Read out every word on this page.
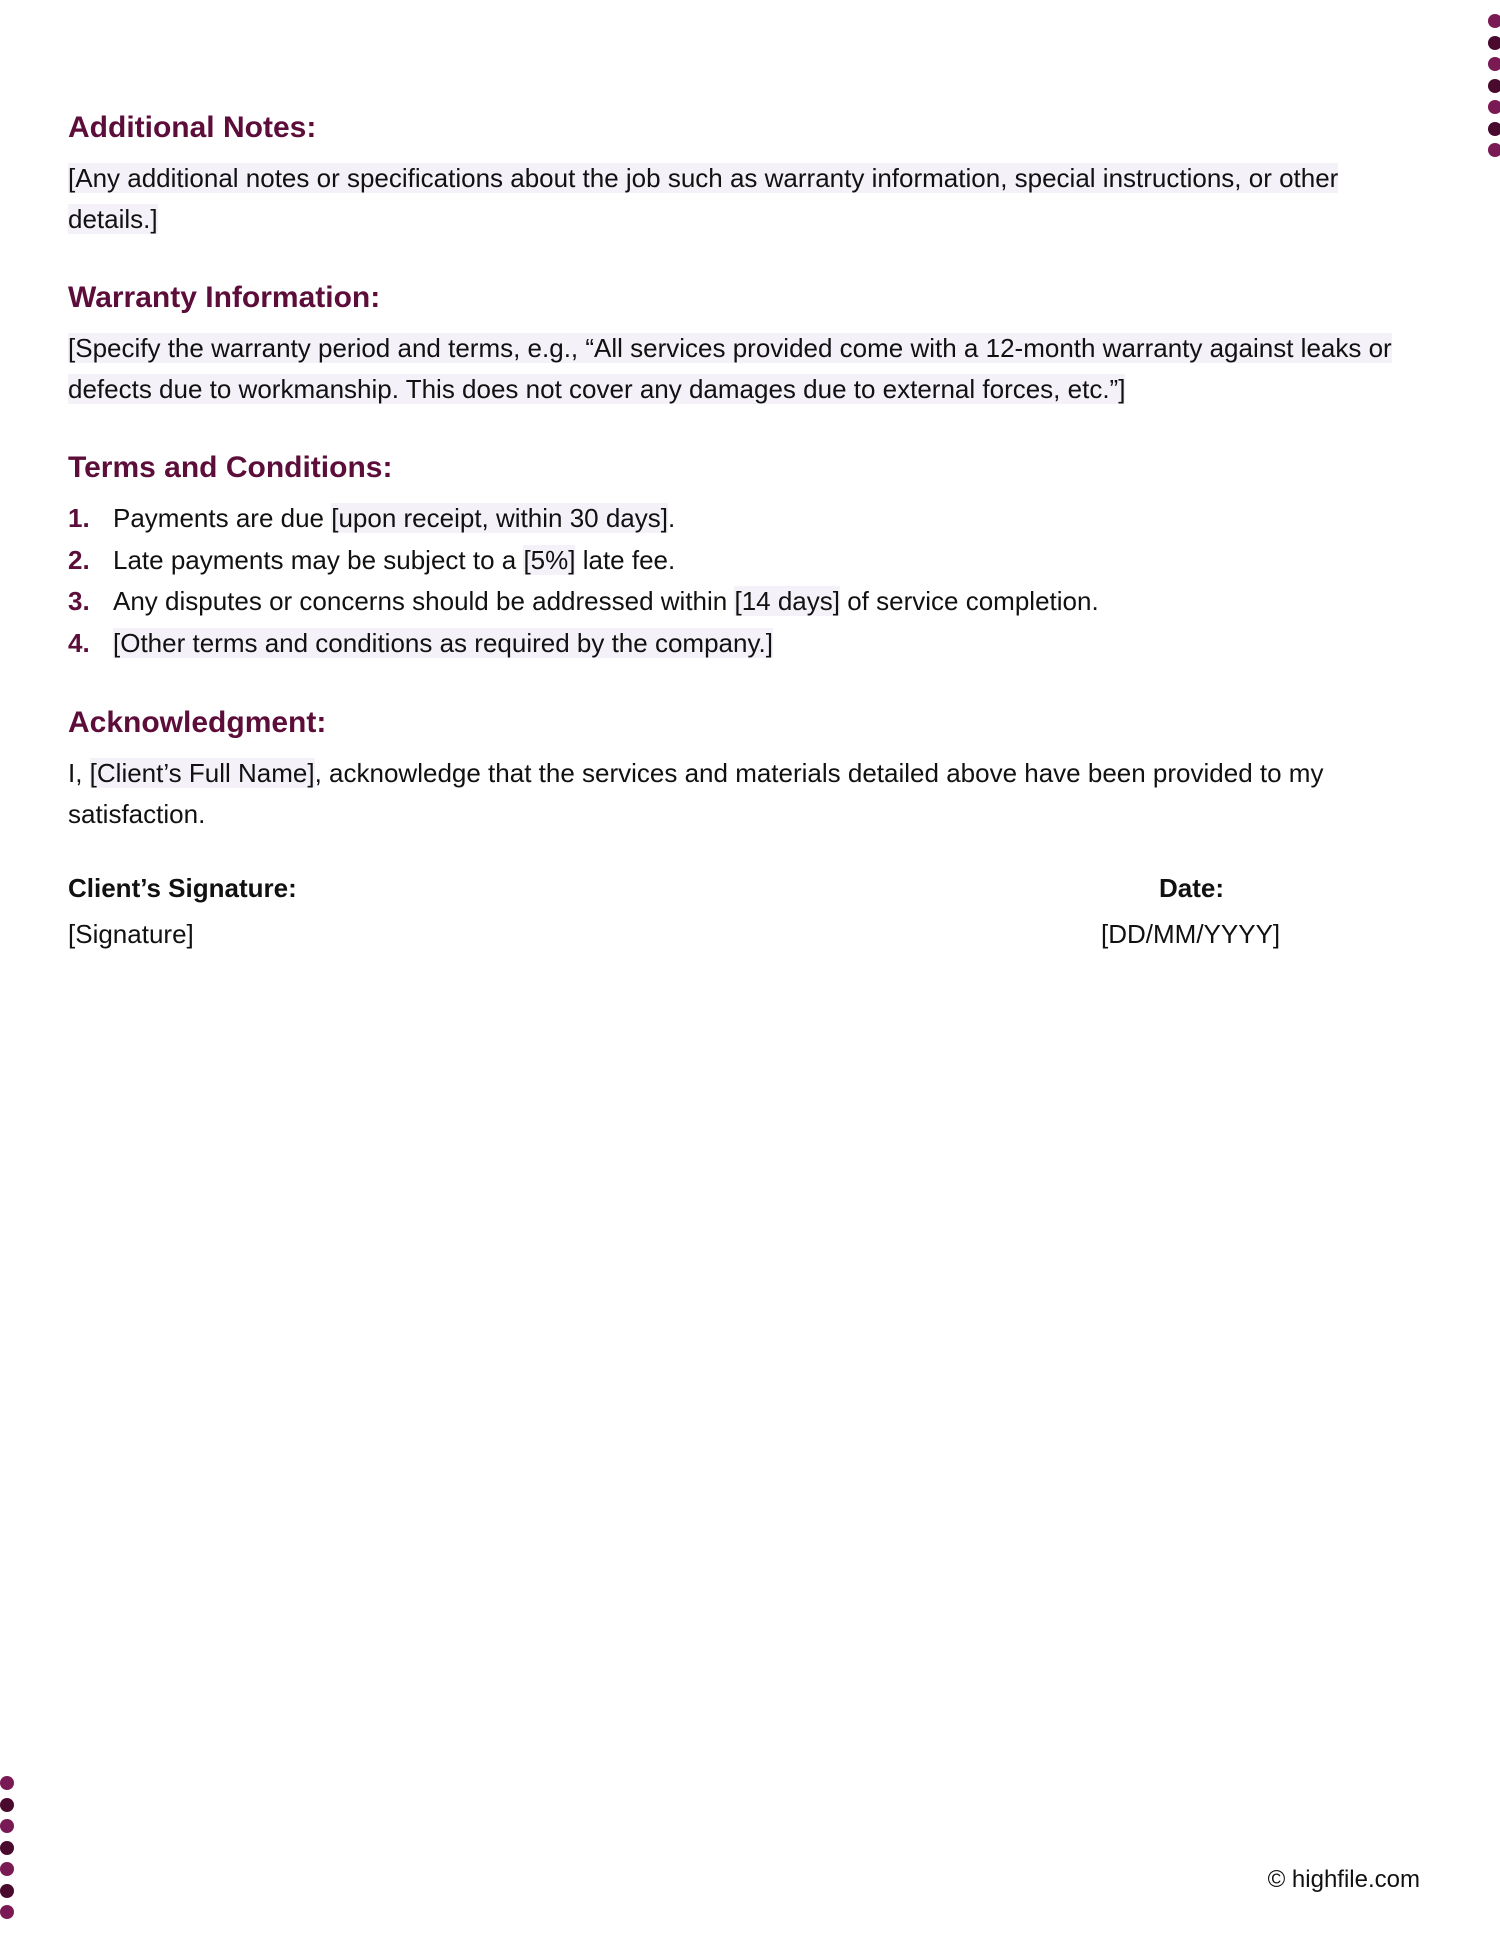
Additional Notes:

[Any additional notes or specifications about the job such as warranty information, special instructions, or other details.]

Warranty Information:

[Specify the warranty period and terms, e.g., “All services provided come with a 12-month warranty against leaks or defects due to workmanship. This does not cover any damages due to external forces, etc.”]

Terms and Conditions:
1. Payments are due [upon receipt, within 30 days].
2. Late payments may be subject to a [5%] late fee.
3. Any disputes or concerns should be addressed within [14 days] of service completion.
4. [Other terms and conditions as required by the company.]
Acknowledgment:

I, [Client’s Full Name], acknowledge that the services and materials detailed above have been provided to my satisfaction.

Client’s Signature:
[Signature]
Date:
[DD/MM/YYYY]
© highfile.com
